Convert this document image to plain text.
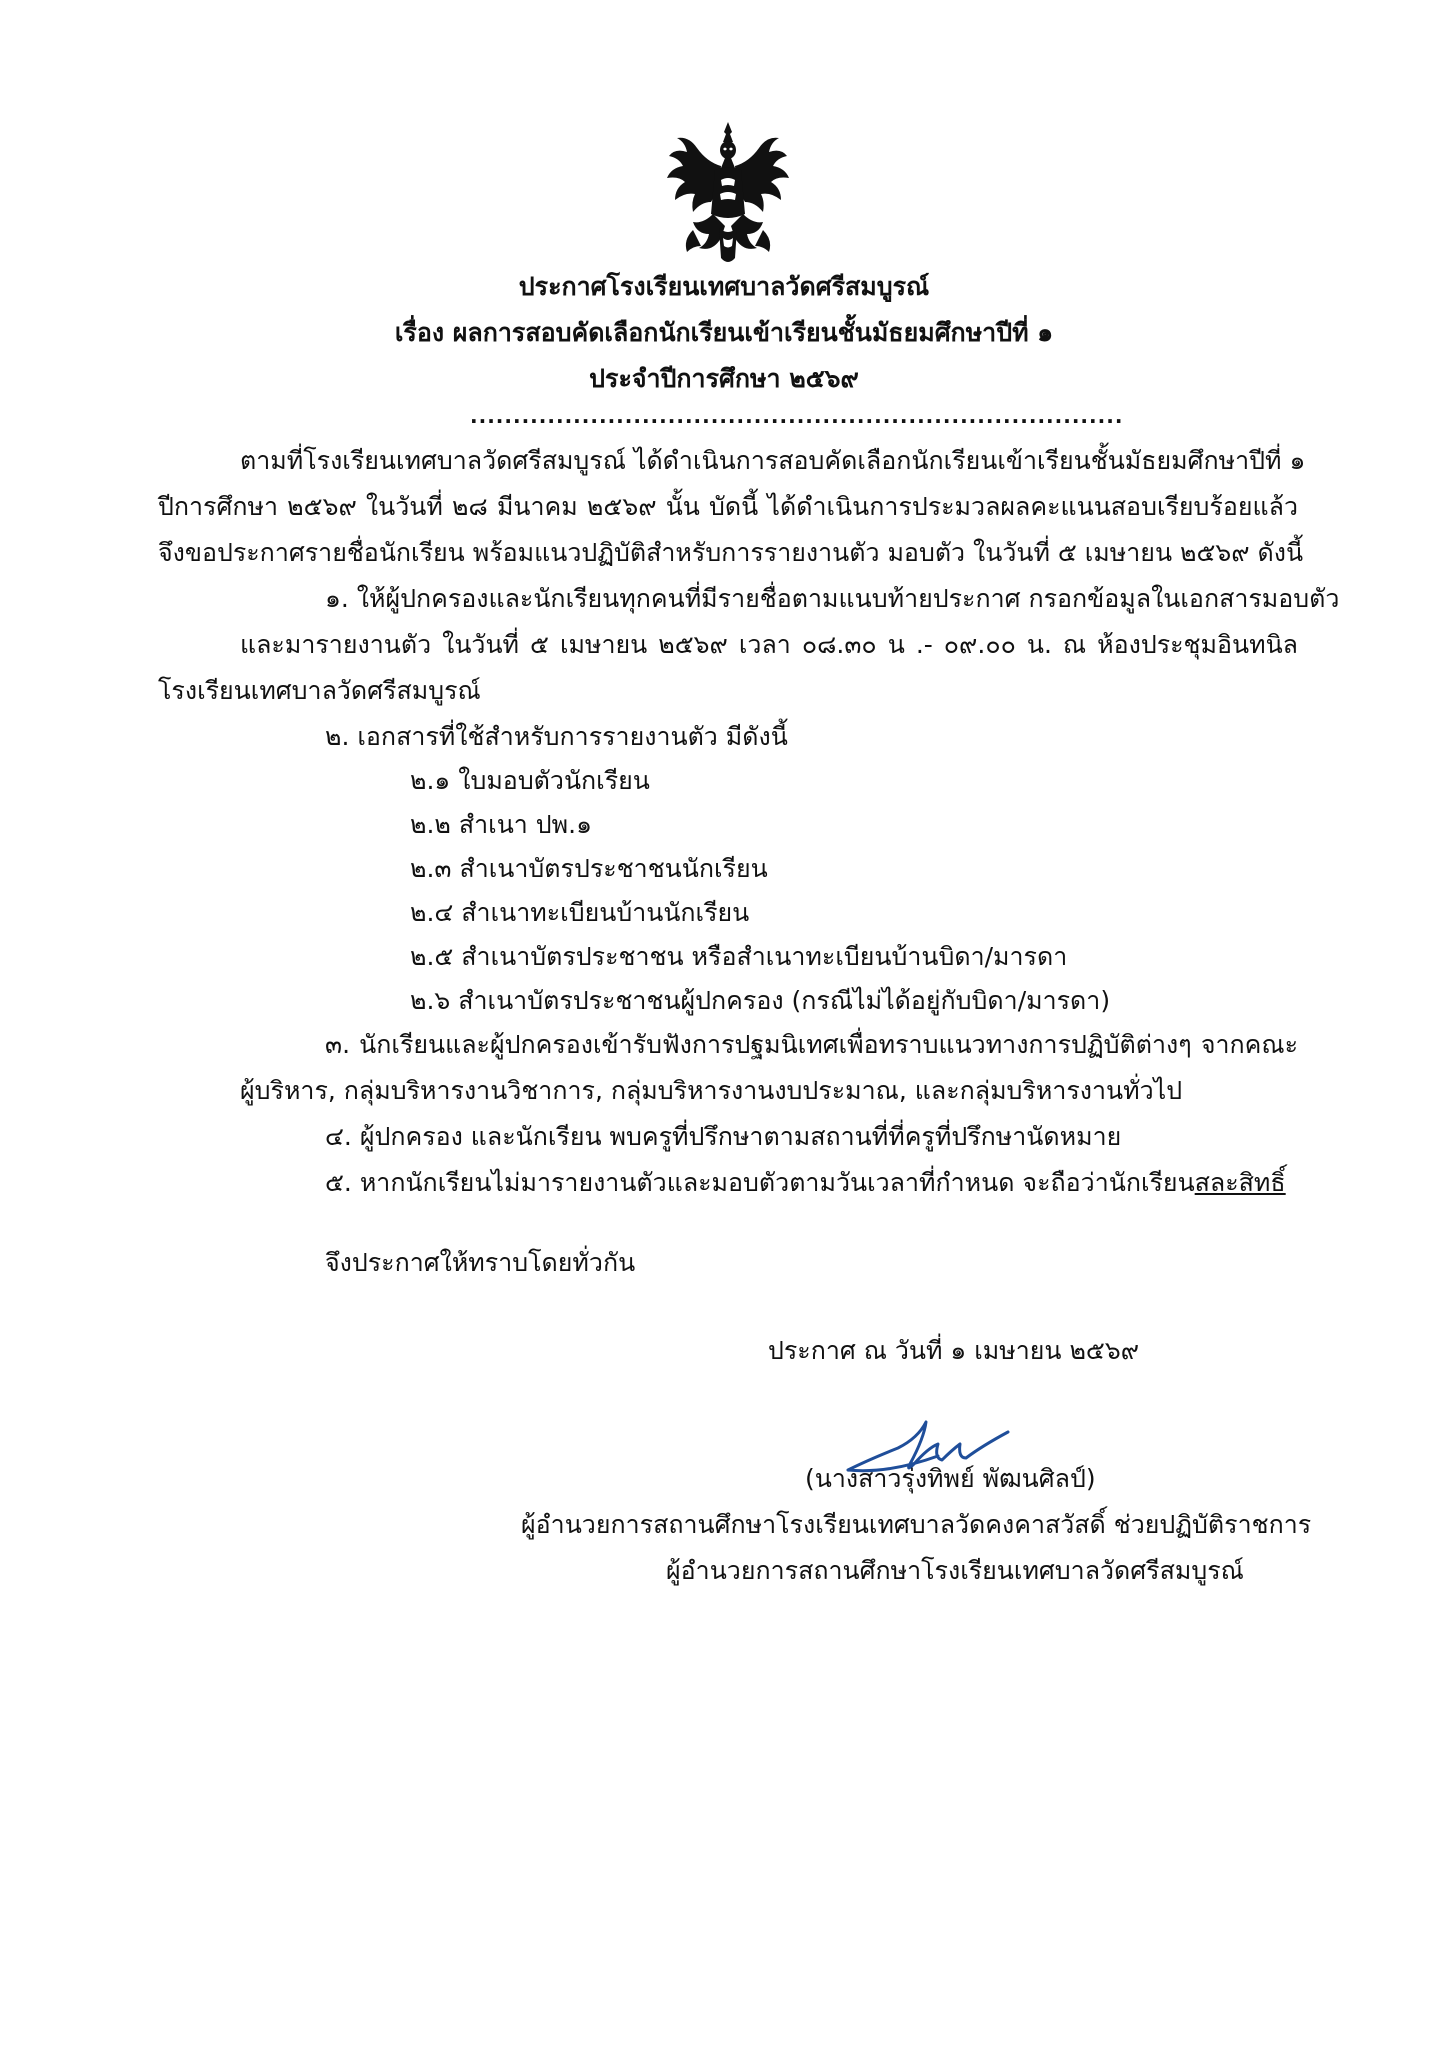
ประกาศโรงเรียนเทศบาลวัดศรีสมบูรณ์
เรื่อง ผลการสอบคัดเลือกนักเรียนเข้าเรียนชั้นมัธยมศึกษาปีที่ ๑
ประจำปีการศึกษา ๒๕๖๙
............................................................................
ตามที่โรงเรียนเทศบาลวัดศรีสมบูรณ์ ได้ดำเนินการสอบคัดเลือกนักเรียนเข้าเรียนชั้นมัธยมศึกษาปีที่ ๑
ปีการศึกษา ๒๕๖๙ ในวันที่ ๒๘ มีนาคม ๒๕๖๙ นั้น บัดนี้ ได้ดำเนินการประมวลผลคะแนนสอบเรียบร้อยแล้ว
จึงขอประกาศรายชื่อนักเรียน พร้อมแนวปฏิบัติสำหรับการรายงานตัว มอบตัว ในวันที่ ๕ เมษายน ๒๕๖๙ ดังนี้
๑. ให้ผู้ปกครองและนักเรียนทุกคนที่มีรายชื่อตามแนบท้ายประกาศ กรอกข้อมูลในเอกสารมอบตัว
และมารายงานตัว ในวันที่ ๕ เมษายน ๒๕๖๙ เวลา ๐๘.๓๐ น .- ๐๙.๐๐ น. ณ ห้องประชุมอินทนิล
โรงเรียนเทศบาลวัดศรีสมบูรณ์
๒. เอกสารที่ใช้สำหรับการรายงานตัว มีดังนี้
๒.๑ ใบมอบตัวนักเรียน
๒.๒ สำเนา ปพ.๑
๒.๓ สำเนาบัตรประชาชนนักเรียน
๒.๔ สำเนาทะเบียนบ้านนักเรียน
๒.๕ สำเนาบัตรประชาชน หรือสำเนาทะเบียนบ้านบิดา/มารดา
๒.๖ สำเนาบัตรประชาชนผู้ปกครอง (กรณีไม่ได้อยู่กับบิดา/มารดา)
๓. นักเรียนและผู้ปกครองเข้ารับฟังการปฐมนิเทศเพื่อทราบแนวทางการปฏิบัติต่างๆ จากคณะ
ผู้บริหาร, กลุ่มบริหารงานวิชาการ, กลุ่มบริหารงานงบประมาณ, และกลุ่มบริหารงานทั่วไป
๔. ผู้ปกครอง และนักเรียน พบครูที่ปรึกษาตามสถานที่ที่ครูที่ปรึกษานัดหมาย
๕. หากนักเรียนไม่มารายงานตัวและมอบตัวตามวันเวลาที่กำหนด จะถือว่านักเรียนสละสิทธิ์
จึงประกาศให้ทราบโดยทั่วกัน
ประกาศ ณ วันที่ ๑ เมษายน ๒๕๖๙
(นางสาวรุ่งทิพย์ พัฒนศิลป์)
ผู้อำนวยการสถานศึกษาโรงเรียนเทศบาลวัดคงคาสวัสดิ์ ช่วยปฏิบัติราชการ
ผู้อำนวยการสถานศึกษาโรงเรียนเทศบาลวัดศรีสมบูรณ์
